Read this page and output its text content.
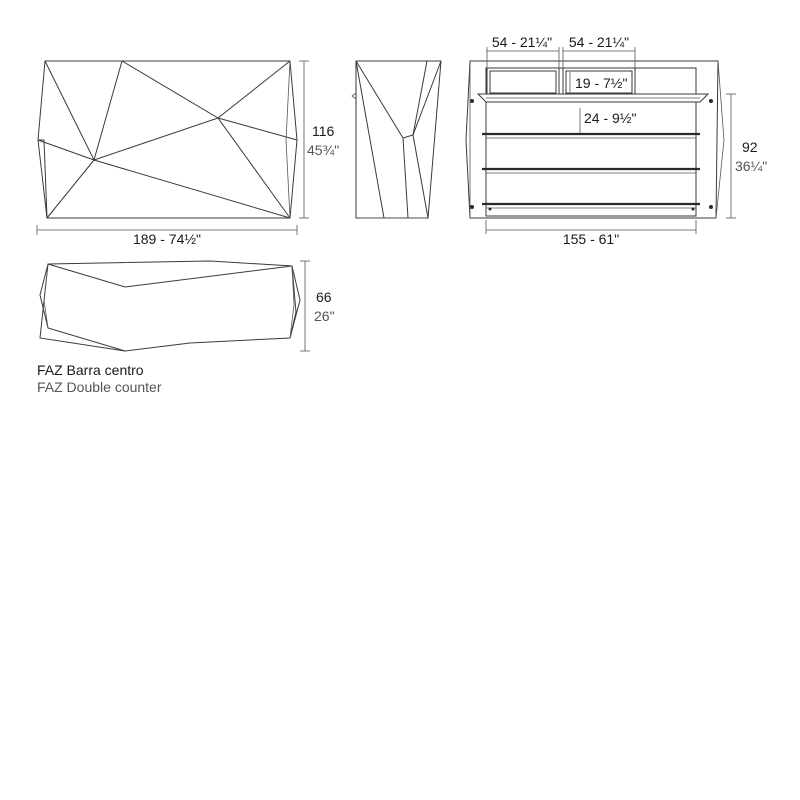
189 - 74½"
116
45¾"
54 - 21¼" 54 - 21¼"
19 - 7½"
24 - 9½"
155 - 61"
92
36¼"
66
26"
FAZ Barra centro
FAZ Double counter
